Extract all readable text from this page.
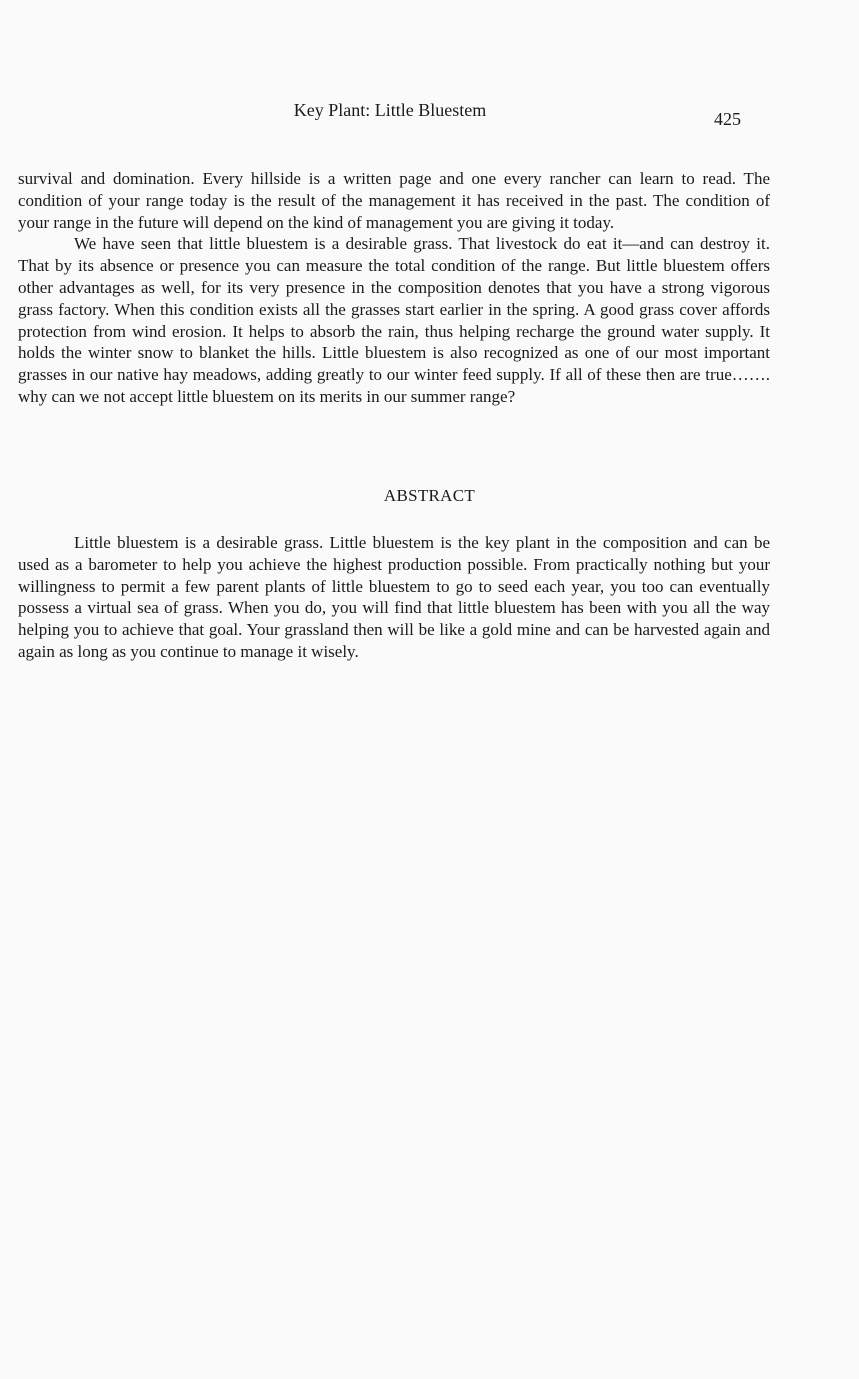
Key Plant: Little Bluestem	425

survival and domination. Every hillside is a written page and one every rancher can learn to read. The condition of your range today is the result of the management it has received in the past. The condition of your range in the future will depend on the kind of management you are giving it today.

We have seen that little bluestem is a desirable grass. That livestock do eat it—and can destroy it. That by its absence or presence you can measure the total condition of the range. But little bluestem offers other advantages as well, for its very presence in the composition denotes that you have a strong vigorous grass factory. When this condition exists all the grasses start earlier in the spring. A good grass cover affords protection from wind erosion. It helps to absorb the rain, thus helping recharge the ground water supply. It holds the winter snow to blanket the hills. Little bluestem is also recognized as one of our most important grasses in our native hay meadows, adding greatly to our winter feed supply. If all of these then are true……. why can we not accept little bluestem on its merits in our summer range?

ABSTRACT

Little bluestem is a desirable grass. Little bluestem is the key plant in the composition and can be used as a barometer to help you achieve the highest production possible. From practically nothing but your willingness to permit a few parent plants of little bluestem to go to seed each year, you too can eventually possess a virtual sea of grass. When you do, you will find that little bluestem has been with you all the way helping you to achieve that goal. Your grassland then will be like a gold mine and can be harvested again and again as long as you continue to manage it wisely.
